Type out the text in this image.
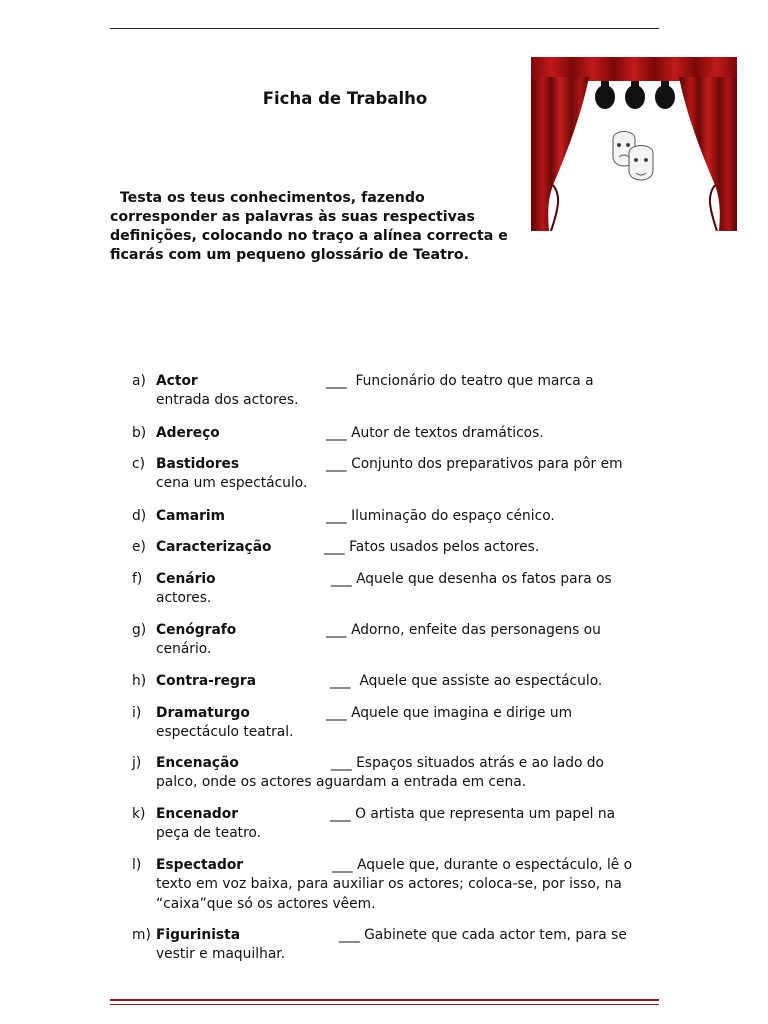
Ficha de Trabalho

Testa os teus conhecimentos, fazendo
corresponder as palavras às suas respectivas
definições, colocando no traço a alínea correcta e
ficarás com um pequeno glossário de Teatro.

a) Actor	___  Funcionário do teatro que marca a
entrada dos actores.
b) Adereço	___ Autor de textos dramáticos.
c) Bastidores	___ Conjunto dos preparativos para pôr em
cena um espectáculo.
d) Camarim	___ Iluminação do espaço cénico.
e) Caracterização	___ Fatos usados pelos actores.
f) Cenário	___ Aquele que desenha os fatos para os
actores.
g) Cenógrafo	___ Adorno, enfeite das personagens ou
cenário.
h) Contra-regra	___  Aquele que assiste ao espectáculo.
i) Dramaturgo	___ Aquele que imagina e dirige um
espectáculo teatral.
j) Encenação	___ Espaços situados atrás e ao lado do
palco, onde os actores aguardam a entrada em cena.
k) Encenador	___ O artista que representa um papel na
peça de teatro.
l) Espectador	___ Aquele que, durante o espectáculo, lê o
texto em voz baixa, para auxiliar os actores; coloca-se, por isso, na
“caixa”que só os actores vêem.
m) Figurinista	___ Gabinete que cada actor tem, para se
vestir e maquilhar.
